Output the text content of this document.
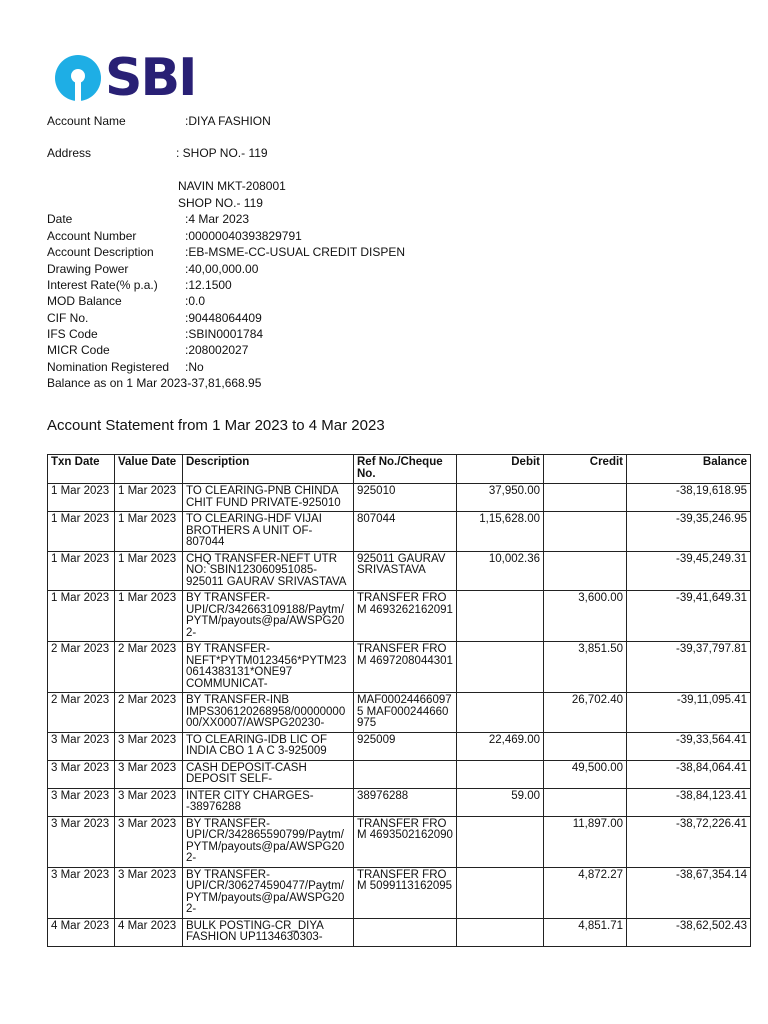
SBI
Account Name	:DIYA FASHION
Address	: SHOP NO.- 119
NAVIN MKT-208001
SHOP NO.- 119
Date	:4 Mar 2023
Account Number	:00000040393829791
Account Description	:EB-MSME-CC-USUAL CREDIT DISPEN
Drawing Power	:40,00,000.00
Interest Rate(% p.a.) :12.1500
MOD Balance	:0.0
CIF No.	:90448064409
IFS Code	:SBIN0001784
MICR Code	:208002027
Nomination Registered :No
Balance as on 1 Mar 2023
:-37,81,668.95
Account Statement from 1 Mar 2023 to 4 Mar 2023
Txn Date	Value Date	Description	Ref No./Cheque No.	Debit	Credit	Balance
1 Mar 2023	1 Mar 2023	TO CLEARING-PNB CHINDA CHIT FUND PRIVATE-925010	925010	37,950.00		-38,19,618.95
1 Mar 2023	1 Mar 2023	TO CLEARING-HDF VIJAI BROTHERS A UNIT OF-807044	807044	1,15,628.00		-39,35,246.95
1 Mar 2023	1 Mar 2023	CHQ TRANSFER-NEFT UTR NO: SBIN123060951085-925011 GAURAV SRIVASTAVA	925011 GAURAV SRIVASTAVA	10,002.36		-39,45,249.31
1 Mar 2023	1 Mar 2023	BY TRANSFER-UPI/CR/342663109188/Paytm/PYTM/payouts@pa/AWSPG202-	TRANSFER FROM 4693262162091		3,600.00	-39,41,649.31
2 Mar 2023	2 Mar 2023	BY TRANSFER-NEFT*PYTM0123456*PYTM230614383131*ONE97 COMMUNICAT-	TRANSFER FROM 4697208044301		3,851.50	-39,37,797.81
2 Mar 2023	2 Mar 2023	BY TRANSFER-INB IMPS306120268958/0000000000/XX0007/AWSPG20230-	MAF000244660975 MAF000244660975		26,702.40	-39,11,095.41
3 Mar 2023	3 Mar 2023	TO CLEARING-IDB LIC OF INDIA CBO 1 A C 3-925009	925009	22,469.00		-39,33,564.41
3 Mar 2023	3 Mar 2023	CASH DEPOSIT-CASH DEPOSIT SELF-			49,500.00	-38,84,064.41
3 Mar 2023	3 Mar 2023	INTER CITY CHARGES--38976288	38976288	59.00		-38,84,123.41
3 Mar 2023	3 Mar 2023	BY TRANSFER-UPI/CR/342865590799/Paytm/PYTM/payouts@pa/AWSPG202-	TRANSFER FROM 4693502162090		11,897.00	-38,72,226.41
3 Mar 2023	3 Mar 2023	BY TRANSFER-UPI/CR/306274590477/Paytm/PYTM/payouts@pa/AWSPG202-	TRANSFER FROM 5099113162095		4,872.27	-38,67,354.14
4 Mar 2023	4 Mar 2023	BULK POSTING-CR_DIYA FASHION UP1134630303-			4,851.71	-38,62,502.43
